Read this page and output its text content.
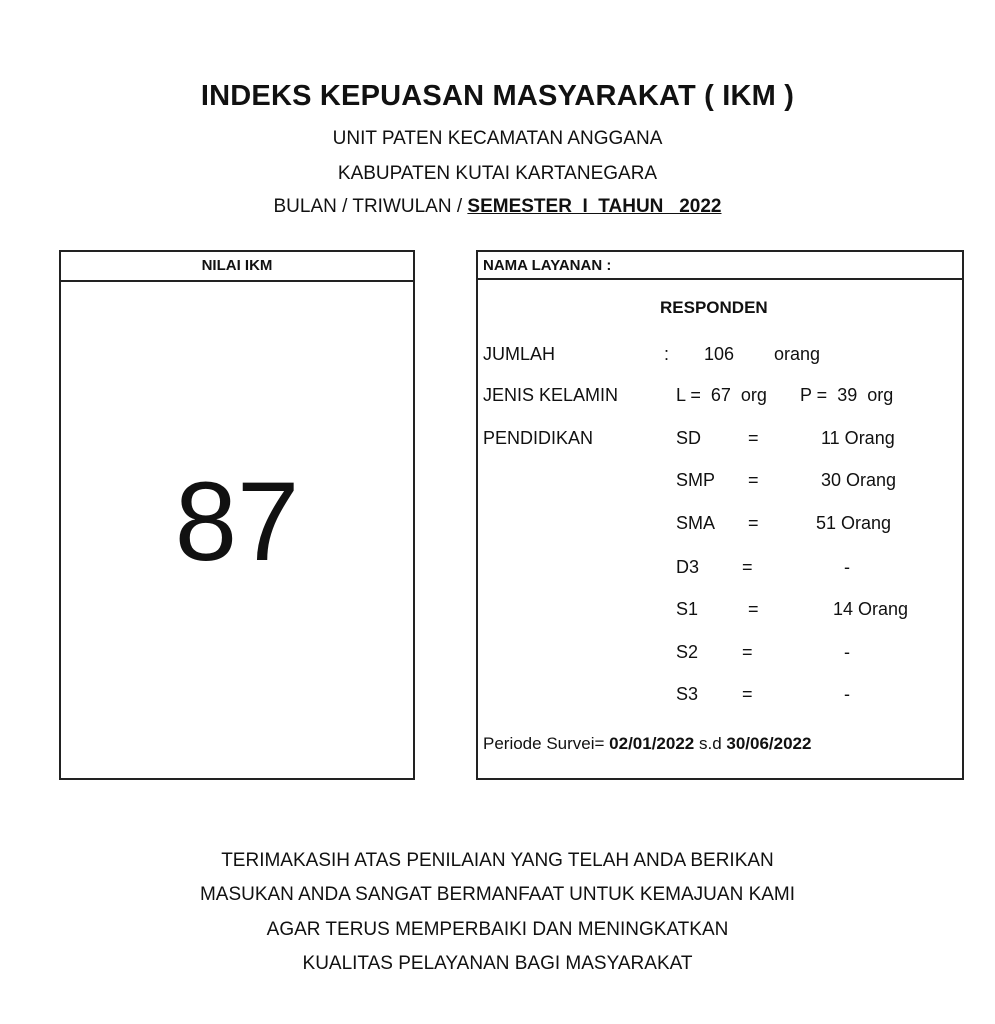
INDEKS KEPUASAN MASYARAKAT ( IKM )
UNIT PATEN KECAMATAN ANGGANA
KABUPATEN KUTAI KARTANEGARA
BULAN / TRIWULAN / SEMESTER  I  TAHUN   2022
NILAI IKM
87
NAMA LAYANAN :
RESPONDEN
JUMLAH	: 106 orang
JENIS KELAMIN	L =  67  org P =  39  org
PENDIDIKAN	SD	=	11 Orang
SMP =	30 Orang
SMA =	51 Orang
D3 =	-
S1	=	14 Orang
S2 =	-
S3 =	-
Periode Survei= 02/01/2022 s.d 30/06/2022
TERIMAKASIH ATAS PENILAIAN YANG TELAH ANDA BERIKAN
MASUKAN ANDA SANGAT BERMANFAAT UNTUK KEMAJUAN KAMI
AGAR TERUS MEMPERBAIKI DAN MENINGKATKAN
KUALITAS PELAYANAN BAGI MASYARAKAT
